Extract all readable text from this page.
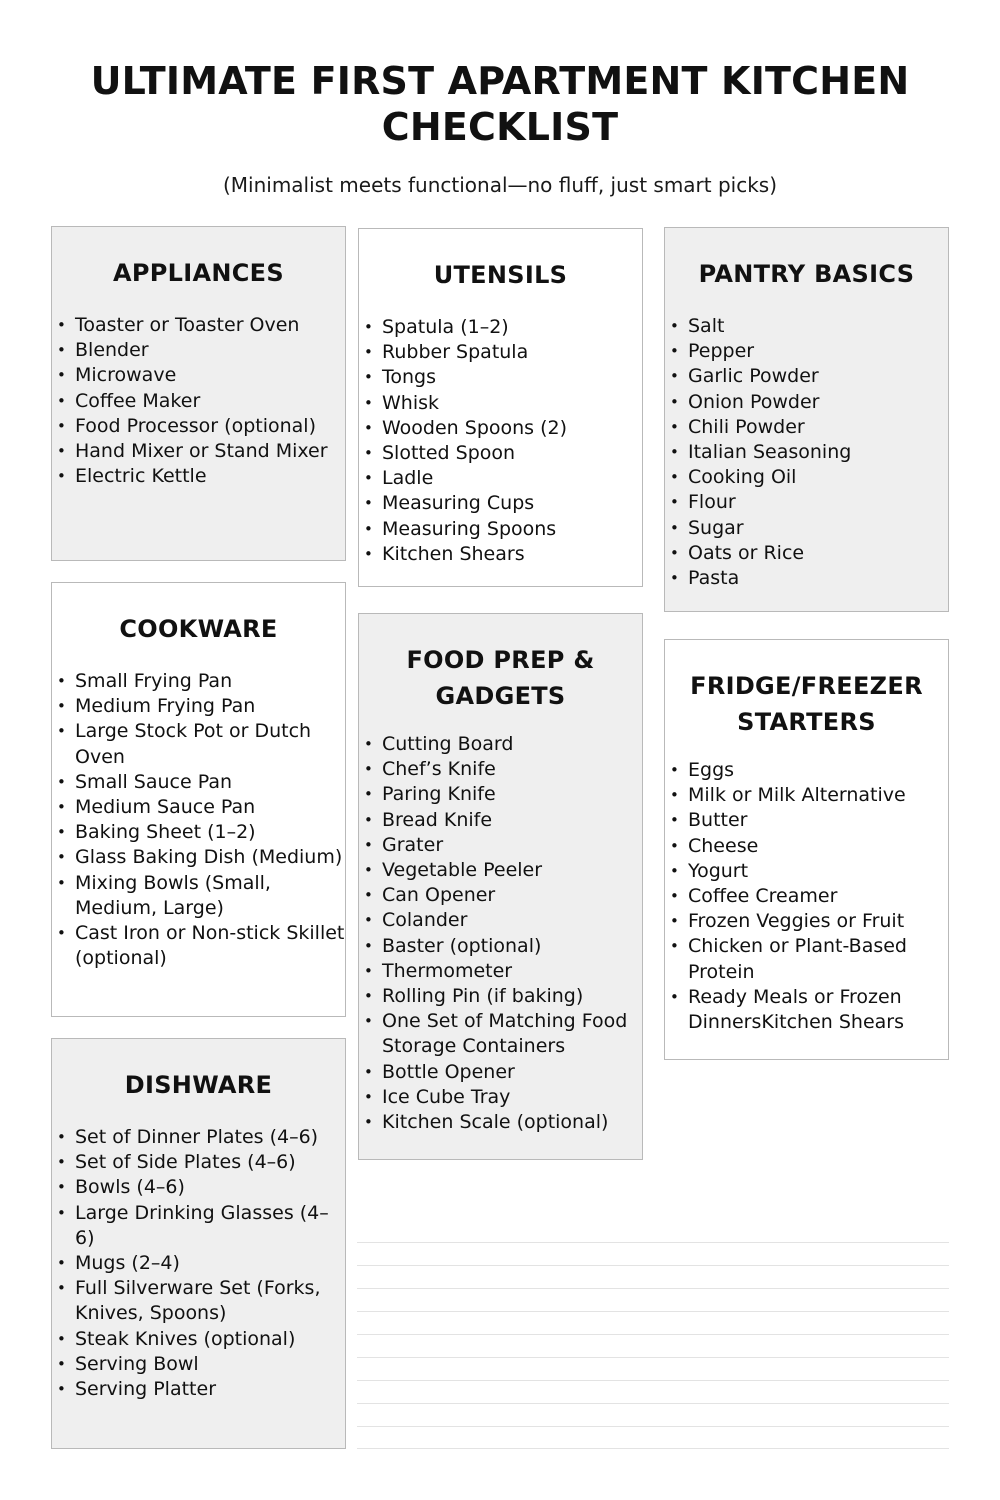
ULTIMATE FIRST APARTMENT KITCHEN
CHECKLIST

(Minimalist meets functional—no fluff, just smart picks)

APPLIANCES
• Toaster or Toaster Oven
• Blender
• Microwave
• Coffee Maker
• Food Processor (optional)
• Hand Mixer or Stand Mixer
• Electric Kettle
UTENSILS
• Spatula (1–2)
• Rubber Spatula
• Tongs
• Whisk
• Wooden Spoons (2)
• Slotted Spoon
• Ladle
• Measuring Cups
• Measuring Spoons
• Kitchen Shears
PANTRY BASICS
• Salt
• Pepper
• Garlic Powder
• Onion Powder
• Chili Powder
• Italian Seasoning
• Cooking Oil
• Flour
• Sugar
• Oats or Rice
• Pasta
COOKWARE
• Small Frying Pan
• Medium Frying Pan
• Large Stock Pot or Dutch Oven
• Small Sauce Pan
• Medium Sauce Pan
• Baking Sheet (1–2)
• Glass Baking Dish (Medium)
• Mixing Bowls (Small, Medium, Large)
• Cast Iron or Non-stick Skillet (optional)
FOOD PREP &
GADGETS
• Cutting Board
• Chef’s Knife
• Paring Knife
• Bread Knife
• Grater
• Vegetable Peeler
• Can Opener
• Colander
• Baster (optional)
• Thermometer
• Rolling Pin (if baking)
• One Set of Matching Food Storage Containers
• Bottle Opener
• Ice Cube Tray
• Kitchen Scale (optional)
FRIDGE/FREEZER
STARTERS
• Eggs
• Milk or Milk Alternative
• Butter
• Cheese
• Yogurt
• Coffee Creamer
• Frozen Veggies or Fruit
• Chicken or Plant-Based Protein
• Ready Meals or Frozen DinnersKitchen Shears
DISHWARE
• Set of Dinner Plates (4–6)
• Set of Side Plates (4–6)
• Bowls (4–6)
• Large Drinking Glasses (4–6)
• Mugs (2–4)
• Full Silverware Set (Forks, Knives, Spoons)
• Steak Knives (optional)
• Serving Bowl
• Serving Platter
